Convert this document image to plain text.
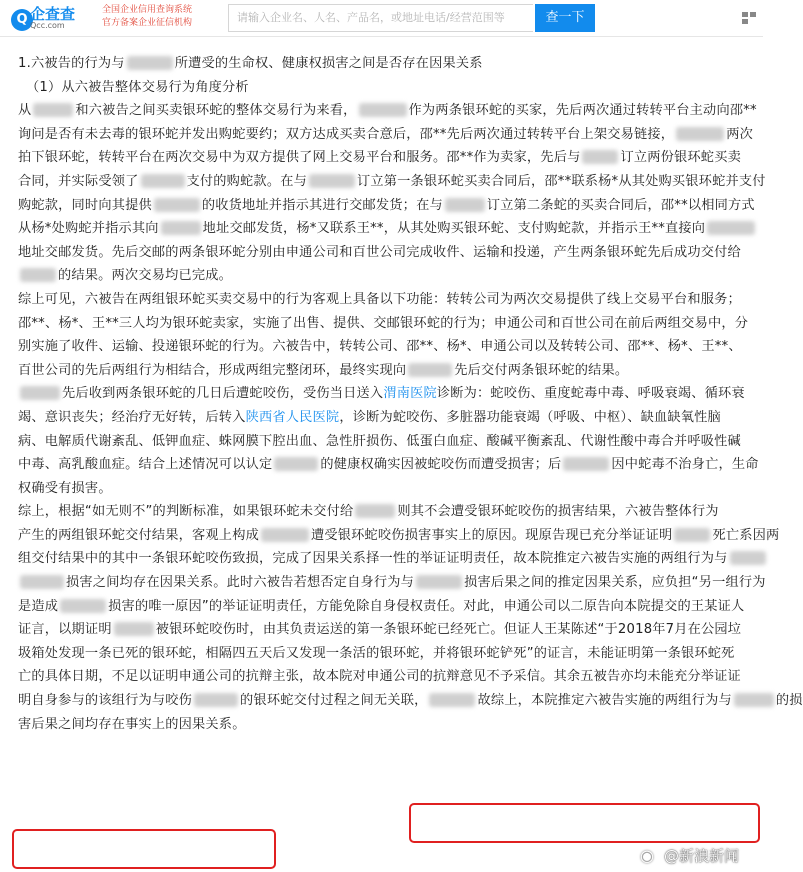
Q 企查查
Qcc.com
全国企业信用查询系统
官方备案企业征信机构	请输入企业名、人名、产品名，或地址电话/经营范围等	查一下
1.六被告的行为与	所遭受的生命权、健康权损害之间是否存在因果关系
（1）从六被告整体交易行为角度分析
从	和六被告之间买卖银环蛇的整体交易行为来看，	作为两条银环蛇的买家，先后两次通过转转平台主动向邵**
询问是否有未去毒的银环蛇并发出购蛇要约；双方达成买卖合意后，邵**先后两次通过转转平台上架交易链接，	两次
拍下银环蛇，转转平台在两次交易中为双方提供了网上交易平台和服务。邵**作为卖家，先后与	订立两份银环蛇买卖
合同，并实际受领了	支付的购蛇款。在与	订立第一条银环蛇买卖合同后，邵**联系杨*从其处购买银环蛇并支付
购蛇款，同时向其提供	的收货地址并指示其进行交邮发货；在与	订立第二条蛇的买卖合同后，邵**以相同方式
从杨*处购蛇并指示其向	地址交邮发货，杨*又联系王**，从其处购买银环蛇、支付购蛇款，并指示王**直接向
地址交邮发货。先后交邮的两条银环蛇分别由申通公司和百世公司完成收件、运输和投递，产生两条银环蛇先后成功交付给
的结果。两次交易均已完成。
综上可见，六被告在两组银环蛇买卖交易中的行为客观上具备以下功能：转转公司为两次交易提供了线上交易平台和服务；
邵**、杨*、王**三人均为银环蛇卖家，实施了出售、提供、交邮银环蛇的行为；申通公司和百世公司在前后两组交易中，分
别实施了收件、运输、投递银环蛇的行为。六被告中，转转公司、邵**、杨*、申通公司以及转转公司、邵**、杨*、王**、
百世公司的先后两组行为相结合，形成两组完整闭环，最终实现向	先后交付两条银环蛇的结果。
先后收到两条银环蛇的几日后遭蛇咬伤，受伤当日送入渭南医院诊断为：蛇咬伤、重度蛇毒中毒、呼吸衰竭、循环衰
竭、意识丧失；经治疗无好转，后转入陕西省人民医院，诊断为蛇咬伤、多脏器功能衰竭（呼吸、中枢）、缺血缺氧性脑
病、电解质代谢紊乱、低钾血症、蛛网膜下腔出血、急性肝损伤、低蛋白血症、酸碱平衡紊乱、代谢性酸中毒合并呼吸性碱
中毒、高乳酸血症。结合上述情况可以认定	的健康权确实因被蛇咬伤而遭受损害；后	因中蛇毒不治身亡，生命
权确受有损害。
综上，根据“如无则不”的判断标准，如果银环蛇未交付给	则其不会遭受银环蛇咬伤的损害结果，六被告整体行为
产生的两组银环蛇交付结果，客观上构成	遭受银环蛇咬伤损害事实上的原因。现原告现已充分举证证明	死亡系因两
组交付结果中的其中一条银环蛇咬伤致损，完成了因果关系择一性的举证证明责任，故本院推定六被告实施的两组行为与
损害之间均存在因果关系。此时六被告若想否定自身行为与	损害后果之间的推定因果关系，应负担“另一组行为
是造成	损害的唯一原因”的举证证明责任，方能免除自身侵权责任。对此，申通公司以二原告向本院提交的王某证人
证言，以期证明	被银环蛇咬伤时，由其负责运送的第一条银环蛇已经死亡。但证人王某陈述“于2018年7月在公园垃
圾箱处发现一条已死的银环蛇，相隔四五天后又发现一条活的银环蛇，并将银环蛇铲死”的证言，未能证明第一条银环蛇死
亡的具体日期，不足以证明申通公司的抗辩主张，故本院对申通公司的抗辩意见不予采信。其余五被告亦均未能充分举证证
明自身参与的该组行为与咬伤	的银环蛇交付过程之间无关联，	故综上，本院推定六被告实施的两组行为与	的损
害后果之间均存在事实上的因果关系。
◉ @新浪新闻
